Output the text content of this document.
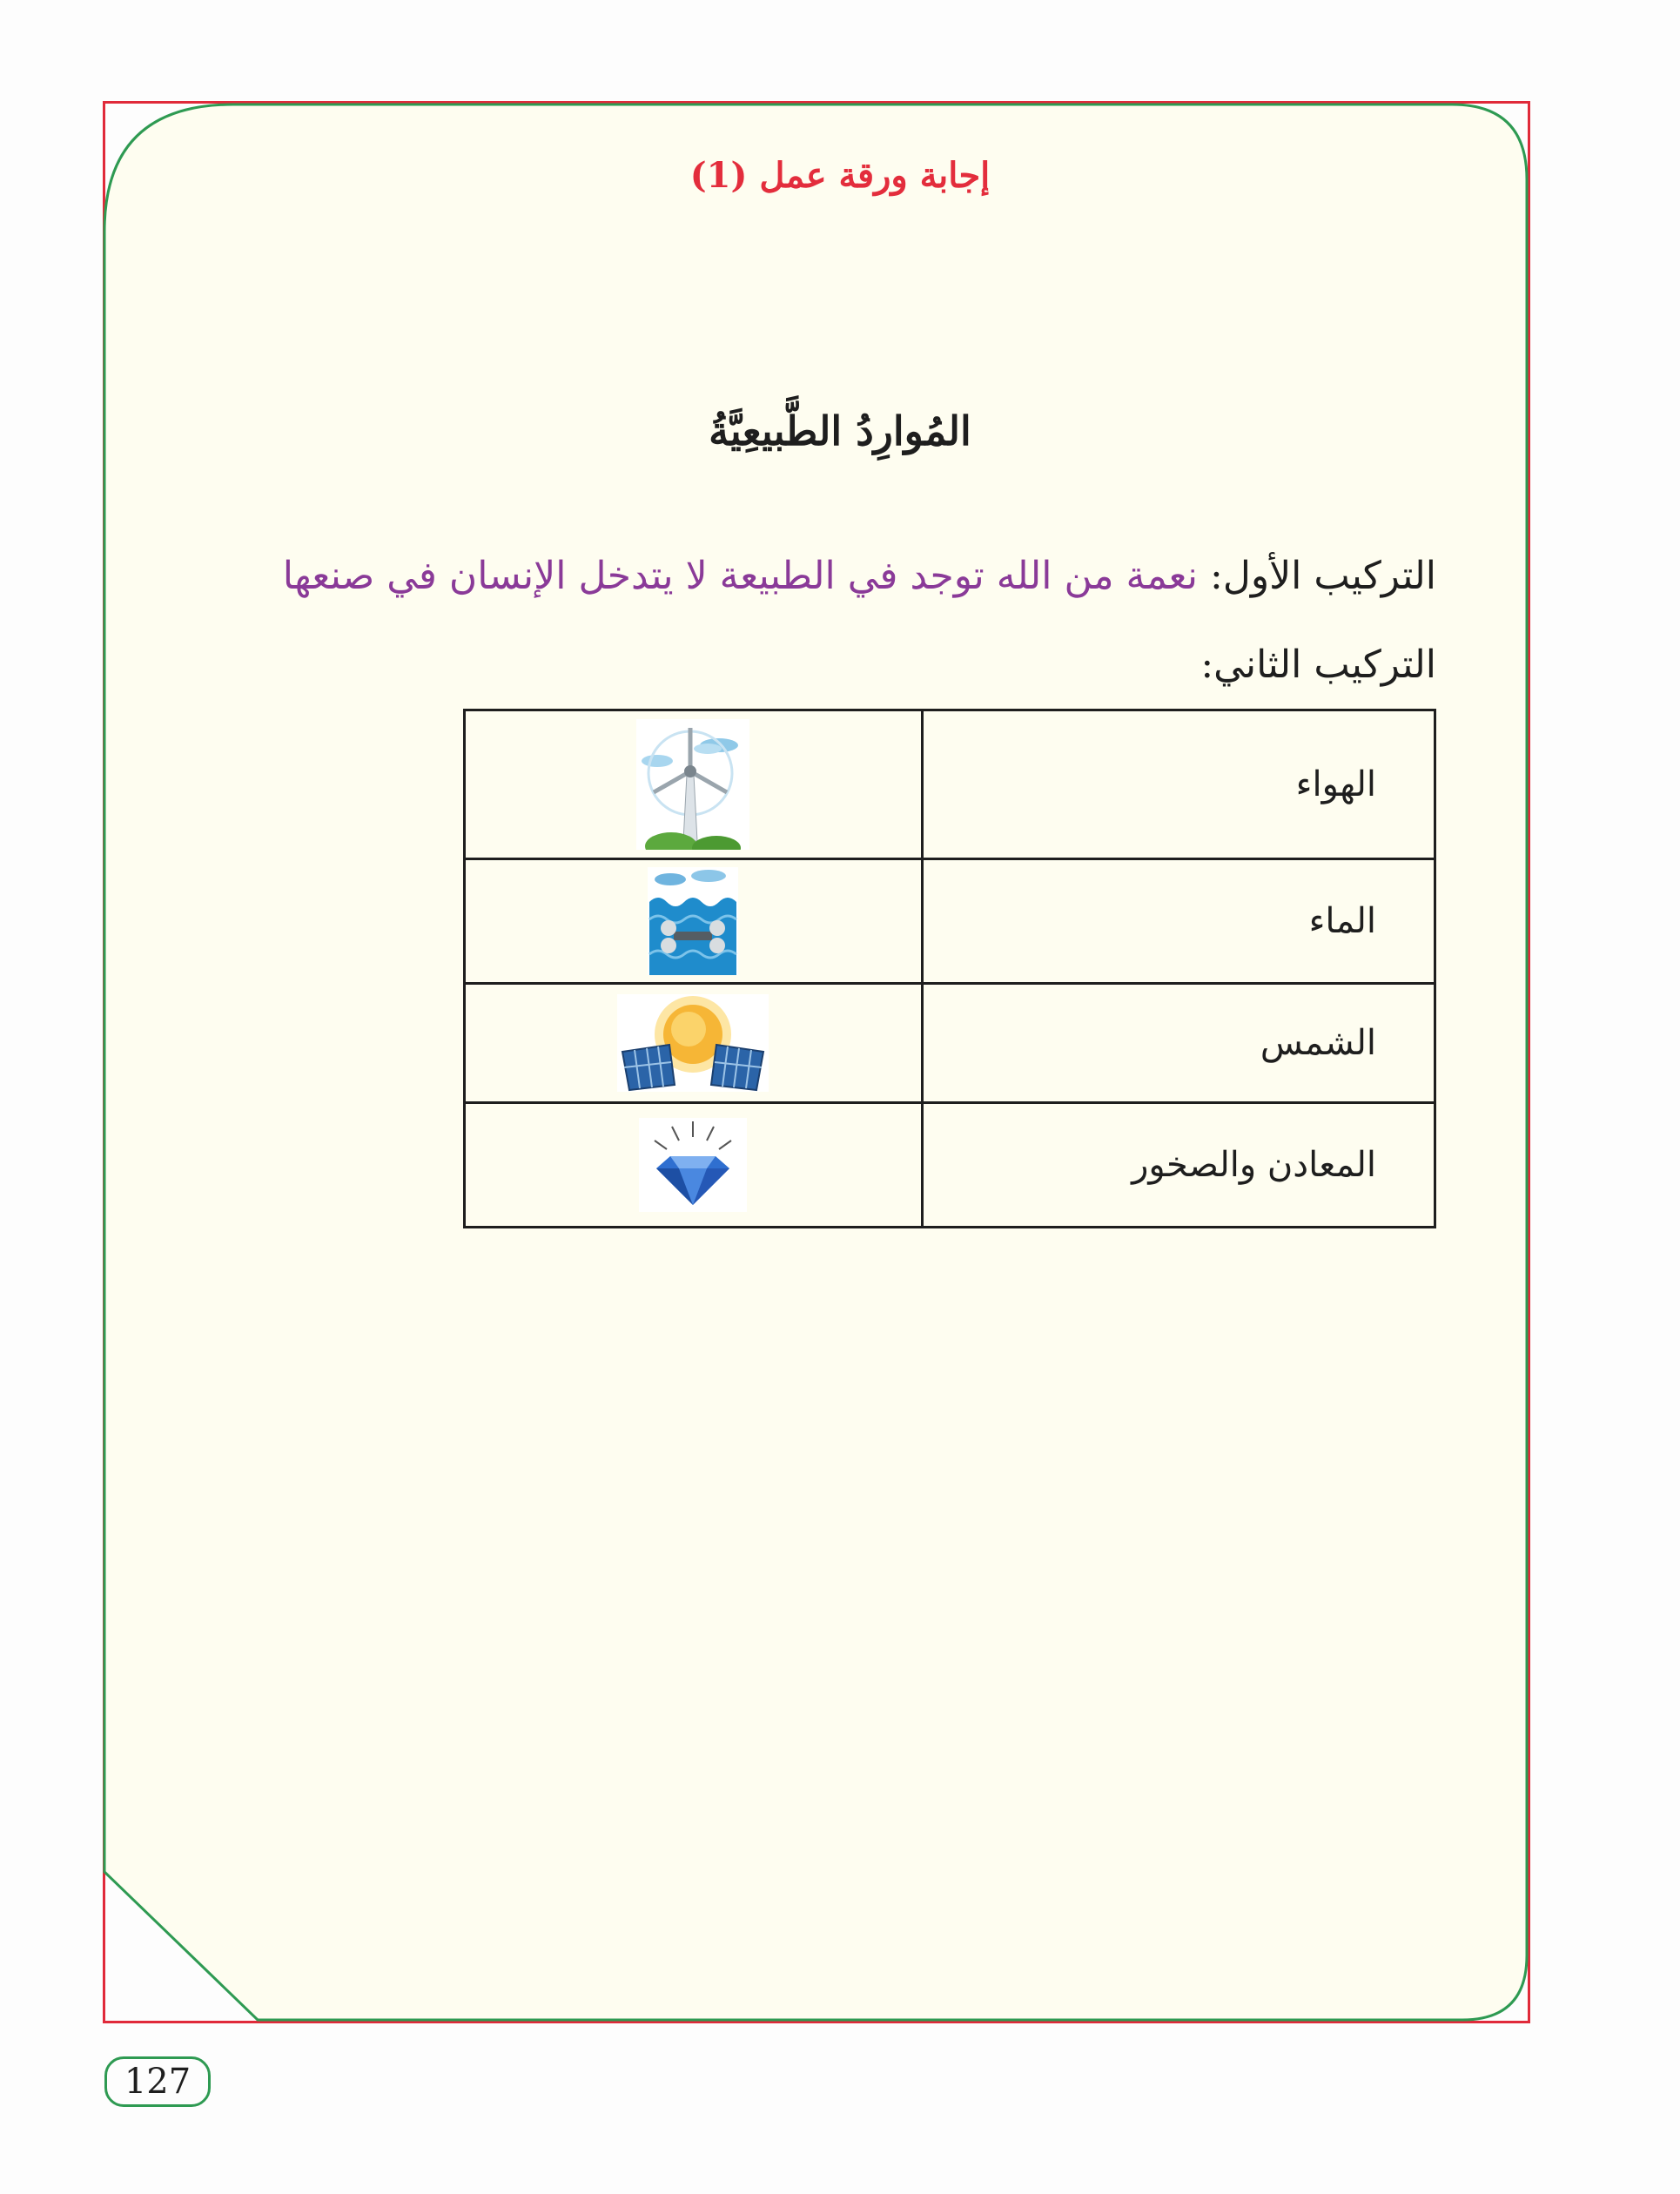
إجابة ورقة عمل (1)
المُوارِدُ الطَّبيعِيَّةُ
التركيب الأول: نعمة من الله توجد في الطبيعة لا يتدخل الإنسان في صنعها
التركيب الثاني:
الهواء	
الماء	
الشمس	
المعادن والصخور	
127
